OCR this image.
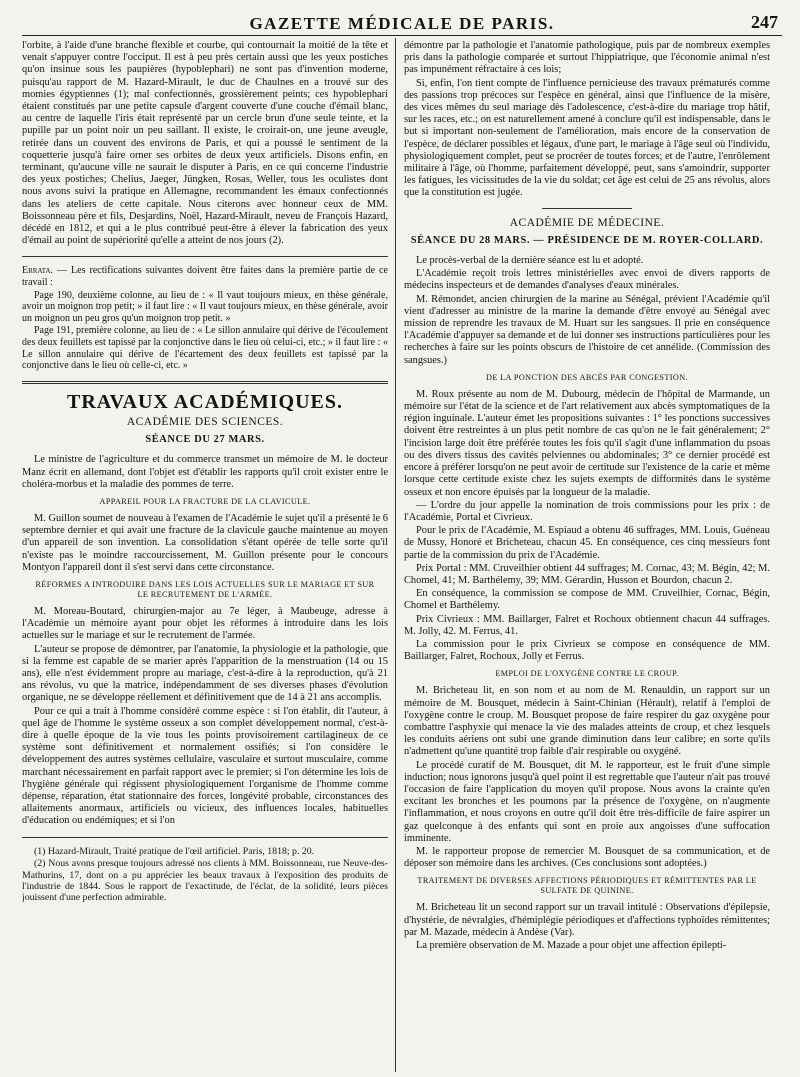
GAZETTE MÉDICALE DE PARIS.	247

l'orbite, à l'aide d'une branche flexible et courbe, qui contournait la moitié de la tête et venait s'appuyer contre l'occiput. Il est à peu près certain aussi que les yeux postiches qu'on insinue sous les paupières (hypoblephari) ne sont pas d'invention moderne, puisqu'au rapport de M. Hazard-Mirault, le duc de Chaulnes en a trouvé sur des momies égyptiennes (1); mal confectionnés, grossièrement peints; ces hypoblephari étaient constitués par une petite capsule d'argent couverte d'une couche d'émail blanc, au centre de laquelle l'iris était représenté par un cercle brun d'une seule teinte, et la pupille par un point noir un peu saillant. Il existe, le croirait-on, une jeune aveugle, retirée dans un couvent des environs de Paris, et qui a poussé le sentiment de la coquetterie jusqu'à faire orner ses orbites de deux yeux artificiels. Disons enfin, en terminant, qu'aucune ville ne saurait le disputer à Paris, en ce qui concerne l'industrie des yeux postiches; Chelius, Jaeger, Jüngken, Rosas, Weller, tous les oculistes dont nous avons suivi la pratique en Allemagne, recommandent les émaux confectionnés dans les ateliers de cette capitale. Nous citerons avec honneur ceux de MM. Boissonneau père et fils, Desjardins, Noël, Hazard-Mirault, neveu de François Hazard, décédé en 1812, et qui a le plus contribué peut-être à élever la fabrication des yeux d'émail au point de supériorité qu'elle a atteint de nos jours (2).

Errata. — Les rectifications suivantes doivent être faites dans la première partie de ce travail :

Page 190, deuxième colonne, au lieu de : « Il vaut toujours mieux, en thèse générale, avoir un moignon trop petit; » il faut lire : « Il vaut toujours mieux, en thèse générale, avoir un moignon un peu gros qu'un moignon trop petit. »

Page 191, première colonne, au lieu de : « Le sillon annulaire qui dérive de l'écoulement des deux feuillets est tapissé par la conjonctive dans le lieu où celui-ci, etc.; » il faut lire : « Le sillon annulaire qui dérive de l'écartement des deux feuillets est tapissé par la conjonctive dans le lieu où celle-ci, etc. »

TRAVAUX ACADÉMIQUES.
ACADÉMIE DES SCIENCES.
SÉANCE DU 27 MARS.

Le ministre de l'agriculture et du commerce transmet un mémoire de M. le docteur Manz écrit en allemand, dont l'objet est d'établir les rapports qu'il croit exister entre le choléra-morbus et la maladie des pommes de terre.

APPAREIL POUR LA FRACTURE DE LA CLAVICULE.

M. Guillon soumet de nouveau à l'examen de l'Académie le sujet qu'il a présenté le 6 septembre dernier et qui avait une fracture de la clavicule gauche maintenue au moyen d'un appareil de son invention. La consolidation s'étant opérée de telle sorte qu'il n'existe pas le moindre raccourcissement, M. Guillon présente pour le concours Montyon l'appareil dont il s'est servi dans cette circonstance.

RÉFORMES A INTRODUIRE DANS LES LOIS ACTUELLES SUR LE MARIAGE ET SUR LE RECRUTEMENT DE L'ARMÉE.

M. Moreau-Boutard, chirurgien-major au 7e léger, à Maubeuge, adresse à l'Académie un mémoire ayant pour objet les réformes à introduire dans les lois actuelles sur le mariage et sur le recrutement de l'armée.

L'auteur se propose de démontrer, par l'anatomie, la physiologie et la pathologie, que si la femme est capable de se marier après l'apparition de la menstruation (14 ou 15 ans), elle n'est évidemment propre au mariage, c'est-à-dire à la reproduction, qu'à 21 ans révolus, vu que la matrice, indépendamment de ses diverses phases d'évolution organique, ne se développe réellement et définitivement que de 14 à 21 ans accomplis.

Pour ce qui a trait à l'homme considéré comme espèce : si l'on établit, dit l'auteur, à quel âge de l'homme le système osseux a son complet développement normal, c'est-à-dire à quelle époque de la vie tous les points provisoirement cartilagineux de ce système sont définitivement et normalement ossifiés; si l'on considère le développement des autres systèmes cellulaire, vasculaire et surtout musculaire, comme marchant nécessairement en parfait rapport avec le premier; si l'on détermine les lois de l'hygiène générale qui régissent physiologiquement l'organisme de l'homme comme dépense, réparation, état stationnaire des forces, longévité probable, circonstances des allaitements anormaux, artificiels ou vicieux, des influences locales, habituelles d'éducation ou endémiques; et si l'on

(1) Hazard-Mirault, Traité pratique de l'œil artificiel. Paris, 1818; p. 20.

(2) Nous avons presque toujours adressé nos clients à MM. Boissonneau, rue Neuve-des-Mathurins, 17, dont on a pu apprécier les beaux travaux à l'exposition des produits de l'industrie de 1844. Sous le rapport de l'exactitude, de l'éclat, de la solidité, leurs pièces jouissent d'une perfection admirable.

démontre par la pathologie et l'anatomie pathologique, puis par de nombreux exemples pris dans la pathologie comparée et surtout l'hippiatrique, que l'économie animal n'est pas impunément réfractaire à ces lois;

Si, enfin, l'on tient compte de l'influence pernicieuse des travaux prématurés comme des passions trop précoces sur l'espèce en général, ainsi que l'influence de la misère, des vices mêmes du seul mariage dès l'adolescence, c'est-à-dire du mariage trop hâtif, sur les races, etc.; on est naturellement amené à conclure qu'il est indispensable, dans le but si important non-seulement de l'amélioration, mais encore de la conservation de l'espèce, de déclarer possibles et légaux, d'une part, le mariage à l'âge seul où l'individu, physiologiquement complet, peut se procréer de toutes forces; et de l'autre, l'enrôlement militaire à l'âge, où l'homme, parfaitement développé, peut, sans s'amoindrir, supporter les fatigues, les vicissitudes de la vie du soldat; cet âge est celui de 25 ans révolus, alors que la constitution est jugée.

ACADÉMIE DE MÉDECINE.
SÉANCE DU 28 MARS. — PRÉSIDENCE DE M. ROYER-COLLARD.

Le procès-verbal de la dernière séance est lu et adopté.

L'Académie reçoit trois lettres ministérielles avec envoi de divers rapports de médecins inspecteurs et de demandes d'analyses d'eaux minérales.

M. Rémondet, ancien chirurgien de la marine au Sénégal, prévient l'Académie qu'il vient d'adresser au ministre de la marine la demande d'être envoyé au Sénégal avec mission de reprendre les travaux de M. Huart sur les sangsues. Il prie en conséquence l'Académie d'appuyer sa demande et de lui donner ses instructions particulières pour les recherches à faire sur les points obscurs de l'histoire de cet annélide. (Commission des sangsues.)

DE LA PONCTION DES ABCÈS PAR CONGESTION.

M. Roux présente au nom de M. Dubourg, médecin de l'hôpital de Marmande, un mémoire sur l'état de la science et de l'art relativement aux abcès symptomatiques de la région inguinale. L'auteur émet les propositions suivantes : 1° les ponctions successives doivent être restreintes à un plus petit nombre de cas qu'on ne le fait généralement; 2° l'incision large doit être préférée toutes les fois qu'il s'agit d'une inflammation du psoas ou des divers tissus des cavités pelviennes ou abdominales; 3° ce dernier procédé est encore à préférer lorsqu'on ne peut avoir de certitude sur l'existence de la carie et même lorsque cette certitude existe chez les sujets exempts de difformités dans le système osseux et non encore épuisés par la longueur de la maladie.

— L'ordre du jour appelle la nomination de trois commissions pour les prix : de l'Académie, Portal et Civrieux.

Pour le prix de l'Académie, M. Espiaud a obtenu 46 suffrages, MM. Louis, Guéneau de Mussy, Honoré et Bricheteau, chacun 45. En conséquence, ces cinq messieurs font partie de la commission du prix de l'Académie.

Prix Portal : MM. Cruveilhier obtient 44 suffrages; M. Cornac, 43; M. Bégin, 42; M. Chomel, 41; M. Barthélemy, 39; MM. Gérardin, Husson et Bourdon, chacun 2.

En conséquence, la commission se compose de MM. Cruveilhier, Cornac, Bégin, Chomel et Barthélemy.

Prix Civrieux : MM. Baillarger, Falret et Rochoux obtiennent chacun 44 suffrages. M. Jolly, 42. M. Ferrus, 41.

La commission pour le prix Civrieux se compose en conséquence de MM. Baillarger, Falret, Rochoux, Jolly et Ferrus.

EMPLOI DE L'OXYGÈNE CONTRE LE CROUP.

M. Bricheteau lit, en son nom et au nom de M. Renauldin, un rapport sur un mémoire de M. Bousquet, médecin à Saint-Chinian (Hérault), relatif à l'emploi de l'oxygène contre le croup. M. Bousquet propose de faire respirer du gaz oxygène pour combattre l'asphyxie qui menace la vie des malades atteints de croup, et chez lesquels les conduits aériens ont subi une grande diminution dans leur calibre; en sorte qu'ils n'admettent qu'une quantité trop faible d'air respirable ou oxygéné.

Le procédé curatif de M. Bousquet, dit M. le rapporteur, est le fruit d'une simple induction; nous ignorons jusqu'à quel point il est regrettable que l'auteur n'ait pas trouvé l'occasion de faire l'application du moyen qu'il propose. Nous avons la crainte qu'en excitant les bronches et les poumons par la présence de l'oxygène, on n'augmente l'inflammation, et nous croyons en outre qu'il doit être très-difficile de faire aspirer un gaz quelconque à des enfants qui sont en proie aux angoisses d'une suffocation imminente.

M. le rapporteur propose de remercier M. Bousquet de sa communication, et de déposer son mémoire dans les archives. (Ces conclusions sont adoptées.)

TRAITEMENT DE DIVERSES AFFECTIONS PÉRIODIQUES ET RÉMITTENTES PAR LE SULFATE DE QUININE.

M. Bricheteau lit un second rapport sur un travail intitulé : Observations d'épilepsie, d'hystérie, de névralgies, d'hémiplégie périodiques et d'affections typhoïdes rémittentes; par M. Mazade, médecin à Andèse (Var).

La première observation de M. Mazade a pour objet une affection épilepti-
